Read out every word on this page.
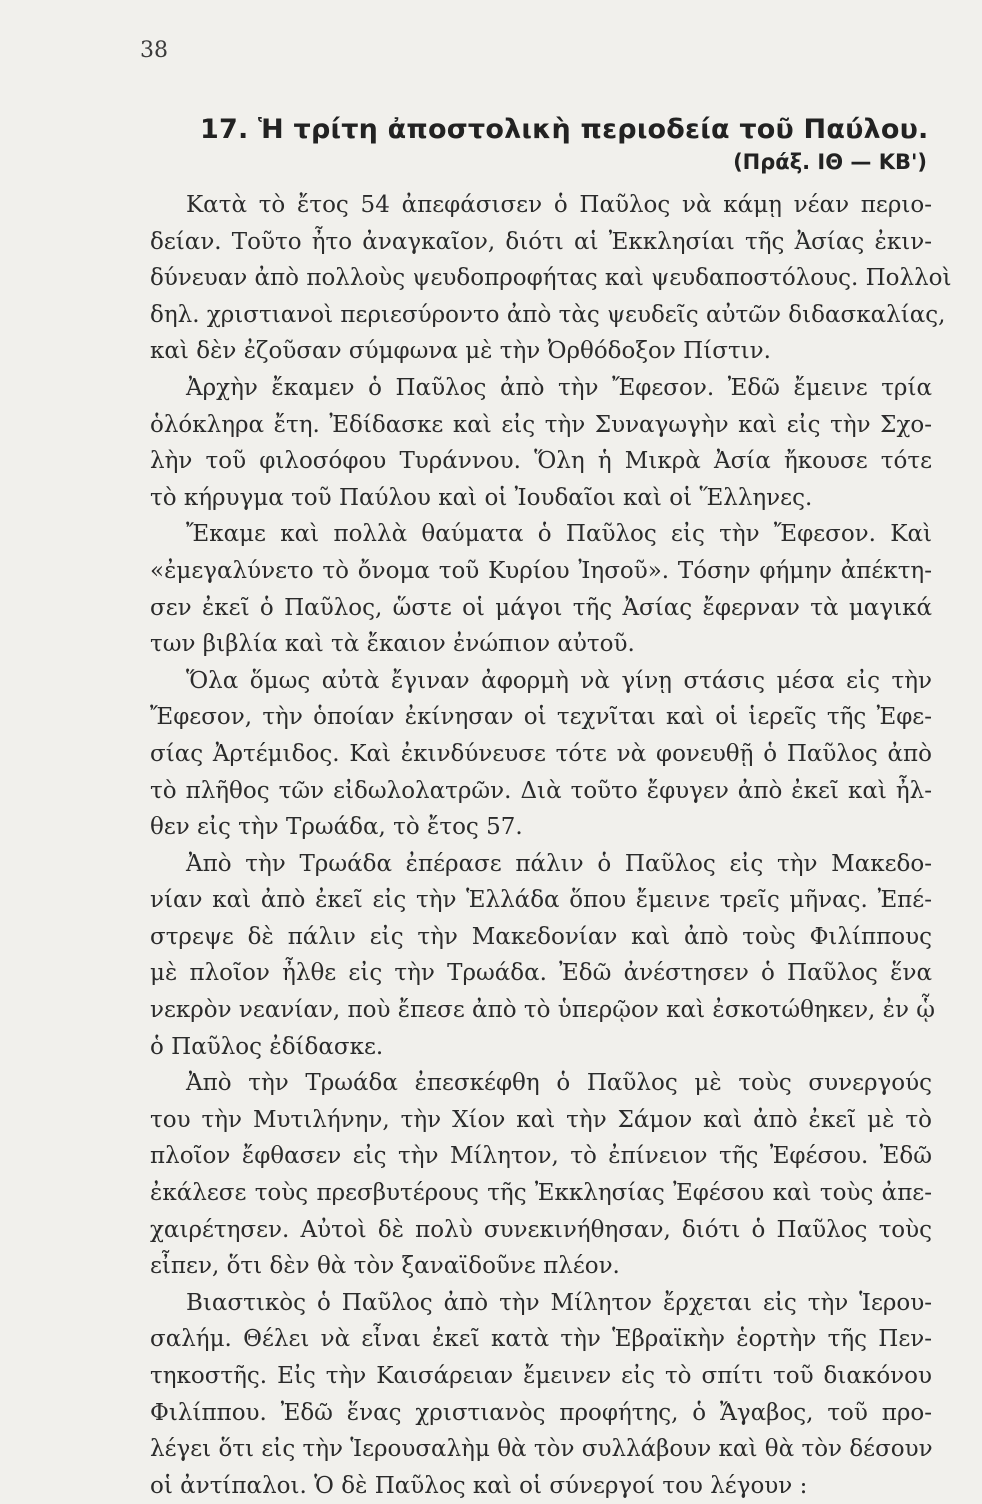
38
17. Ἡ τρίτη ἀποστολικὴ περιοδεία τοῦ Παύλου.
(Πράξ. ΙΘ — ΚΒ')
Κατὰ τὸ ἔτος 54 ἀπεφάσισεν ὁ Παῦλος νὰ κάμῃ νέαν περιο-
δείαν. Τοῦτο ἦτο ἀναγκαῖον, διότι αἱ Ἐκκλησίαι τῆς Ἀσίας ἐκιν-
δύνευαν ἀπὸ πολλοὺς ψευδοπροφήτας καὶ ψευδαποστόλους. Πολλοὶ
δηλ. χριστιανοὶ περιεσύροντο ἀπὸ τὰς ψευδεῖς αὐτῶν διδασκαλίας,
καὶ δὲν ἐζοῦσαν σύμφωνα μὲ τὴν Ὀρθόδοξον Πίστιν.
Ἀρχὴν ἔκαμεν ὁ Παῦλος ἀπὸ τὴν Ἔφεσον. Ἐδῶ ἔμεινε τρία
ὁλόκληρα ἔτη. Ἐδίδασκε καὶ εἰς τὴν Συναγωγὴν καὶ εἰς τὴν Σχο-
λὴν τοῦ φιλοσόφου Τυράννου. Ὅλη ἡ Μικρὰ Ἀσία ἤκουσε τότε
τὸ κήρυγμα τοῦ Παύλου καὶ οἱ Ἰουδαῖοι καὶ οἱ Ἕλληνες.
Ἔκαμε καὶ πολλὰ θαύματα ὁ Παῦλος εἰς τὴν Ἔφεσον. Καὶ
«ἐμεγαλύνετο τὸ ὄνομα τοῦ Κυρίου Ἰησοῦ». Τόσην φήμην ἀπέκτη-
σεν ἐκεῖ ὁ Παῦλος, ὥστε οἱ μάγοι τῆς Ἀσίας ἔφερναν τὰ μαγικά
των βιβλία καὶ τὰ ἔκαιον ἐνώπιον αὐτοῦ.
Ὅλα ὅμως αὐτὰ ἔγιναν ἀφορμὴ νὰ γίνῃ στάσις μέσα εἰς τὴν
Ἔφεσον, τὴν ὁποίαν ἐκίνησαν οἱ τεχνῖται καὶ οἱ ἱερεῖς τῆς Ἐφε-
σίας Ἀρτέμιδος. Καὶ ἐκινδύνευσε τότε νὰ φονευθῇ ὁ Παῦλος ἀπὸ
τὸ πλῆθος τῶν εἰδωλολατρῶν. Διὰ τοῦτο ἔφυγεν ἀπὸ ἐκεῖ καὶ ἦλ-
θεν εἰς τὴν Τρωάδα, τὸ ἔτος 57.
Ἀπὸ τὴν Τρωάδα ἐπέρασε πάλιν ὁ Παῦλος εἰς τὴν Μακεδο-
νίαν καὶ ἀπὸ ἐκεῖ εἰς τὴν Ἑλλάδα ὅπου ἔμεινε τρεῖς μῆνας. Ἐπέ-
στρεψε δὲ πάλιν εἰς τὴν Μακεδονίαν καὶ ἀπὸ τοὺς Φιλίππους
μὲ πλοῖον ἦλθε εἰς τὴν Τρωάδα. Ἐδῶ ἀνέστησεν ὁ Παῦλος ἕνα
νεκρὸν νεανίαν, ποὺ ἔπεσε ἀπὸ τὸ ὑπερῷον καὶ ἐσκοτώθηκεν, ἐν ᾧ
ὁ Παῦλος ἐδίδασκε.
Ἀπὸ τὴν Τρωάδα ἐπεσκέφθη ὁ Παῦλος μὲ τοὺς συνεργούς
του τὴν Μυτιλήνην, τὴν Χίον καὶ τὴν Σάμον καὶ ἀπὸ ἐκεῖ μὲ τὸ
πλοῖον ἔφθασεν εἰς τὴν Μίλητον, τὸ ἐπίνειον τῆς Ἐφέσου. Ἐδῶ
ἐκάλεσε τοὺς πρεσβυτέρους τῆς Ἐκκλησίας Ἐφέσου καὶ τοὺς ἀπε-
χαιρέτησεν. Αὐτοὶ δὲ πολὺ συνεκινήθησαν, διότι ὁ Παῦλος τοὺς
εἶπεν, ὅτι δὲν θὰ τὸν ξαναϊδοῦνε πλέον.
Βιαστικὸς ὁ Παῦλος ἀπὸ τὴν Μίλητον ἔρχεται εἰς τὴν Ἱερου-
σαλήμ. Θέλει νὰ εἶναι ἐκεῖ κατὰ τὴν Ἑβραϊκὴν ἑορτὴν τῆς Πεν-
τηκοστῆς. Εἰς τὴν Καισάρειαν ἔμεινεν εἰς τὸ σπίτι τοῦ διακόνου
Φιλίππου. Ἐδῶ ἕνας χριστιανὸς προφήτης, ὁ Ἄγαβος, τοῦ προ-
λέγει ὅτι εἰς τὴν Ἱερουσαλὴμ θὰ τὸν συλλάβουν καὶ θὰ τὸν δέσουν
οἱ ἀντίπαλοι. Ὁ δὲ Παῦλος καὶ οἱ σύνεργοί του λέγουν :
